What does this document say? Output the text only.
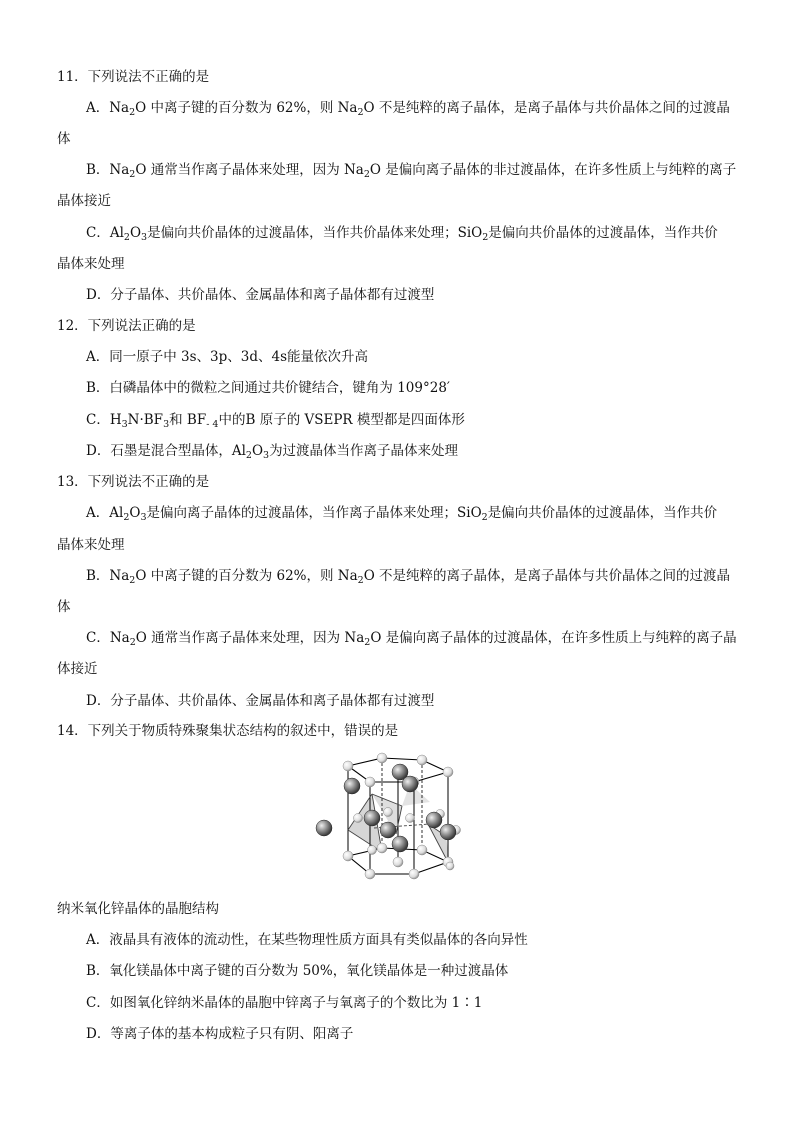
11．下列说法不正确的是
A．$Na_2O$ 中离子键的百分数为 62%，则 $Na_2O$ 不是纯粹的离子晶体，是离子晶体与共价晶体之间的过渡晶
体
B．$Na_2O$ 通常当作离子晶体来处理，因为 $Na_2O$ 是偏向离子晶体的非过渡晶体，在许多性质上与纯粹的离子
晶体接近
C．$Al_2O_3$是偏向共价晶体的过渡晶体，当作共价晶体来处理；SiO$_2$是偏向共价晶体的过渡晶体，当作共价
晶体来处理
D．分子晶体、共价晶体、金属晶体和离子晶体都有过渡型
12．下列说法正确的是
A．同一原子中 3s、3p、3d、4s能量依次升高
B．白磷晶体中的微粒之间通过共价键结合，键角为 109°28′
C．$H_3N\cdot BF_3$和 $BF_{- 4}$中的B 原子的 VSEPR 模型都是四面体形
D．石墨是混合型晶体，$Al_2O_3$为过渡晶体当作离子晶体来处理
13．下列说法不正确的是
A．$Al_2O_3$是偏向离子晶体的过渡晶体，当作离子晶体来处理；SiO$_2$是偏向共价晶体的过渡晶体，当作共价
晶体来处理
B．$Na_2O$ 中离子键的百分数为 62%，则 $Na_2O$ 不是纯粹的离子晶体，是离子晶体与共价晶体之间的过渡晶
体
C．$Na_2O$ 通常当作离子晶体来处理，因为 $Na_2O$ 是偏向离子晶体的过渡晶体，在许多性质上与纯粹的离子晶
体接近
D．分子晶体、共价晶体、金属晶体和离子晶体都有过渡型
14．下列关于物质特殊聚集状态结构的叙述中，错误的是
纳米氧化锌晶体的晶胞结构
A．液晶具有液体的流动性，在某些物理性质方面具有类似晶体的各向异性
B．氧化镁晶体中离子键的百分数为 50%，氧化镁晶体是一种过渡晶体
C．如图氧化锌纳米晶体的晶胞中锌离子与氧离子的个数比为 1∶1
D．等离子体的基本构成粒子只有阴、阳离子
